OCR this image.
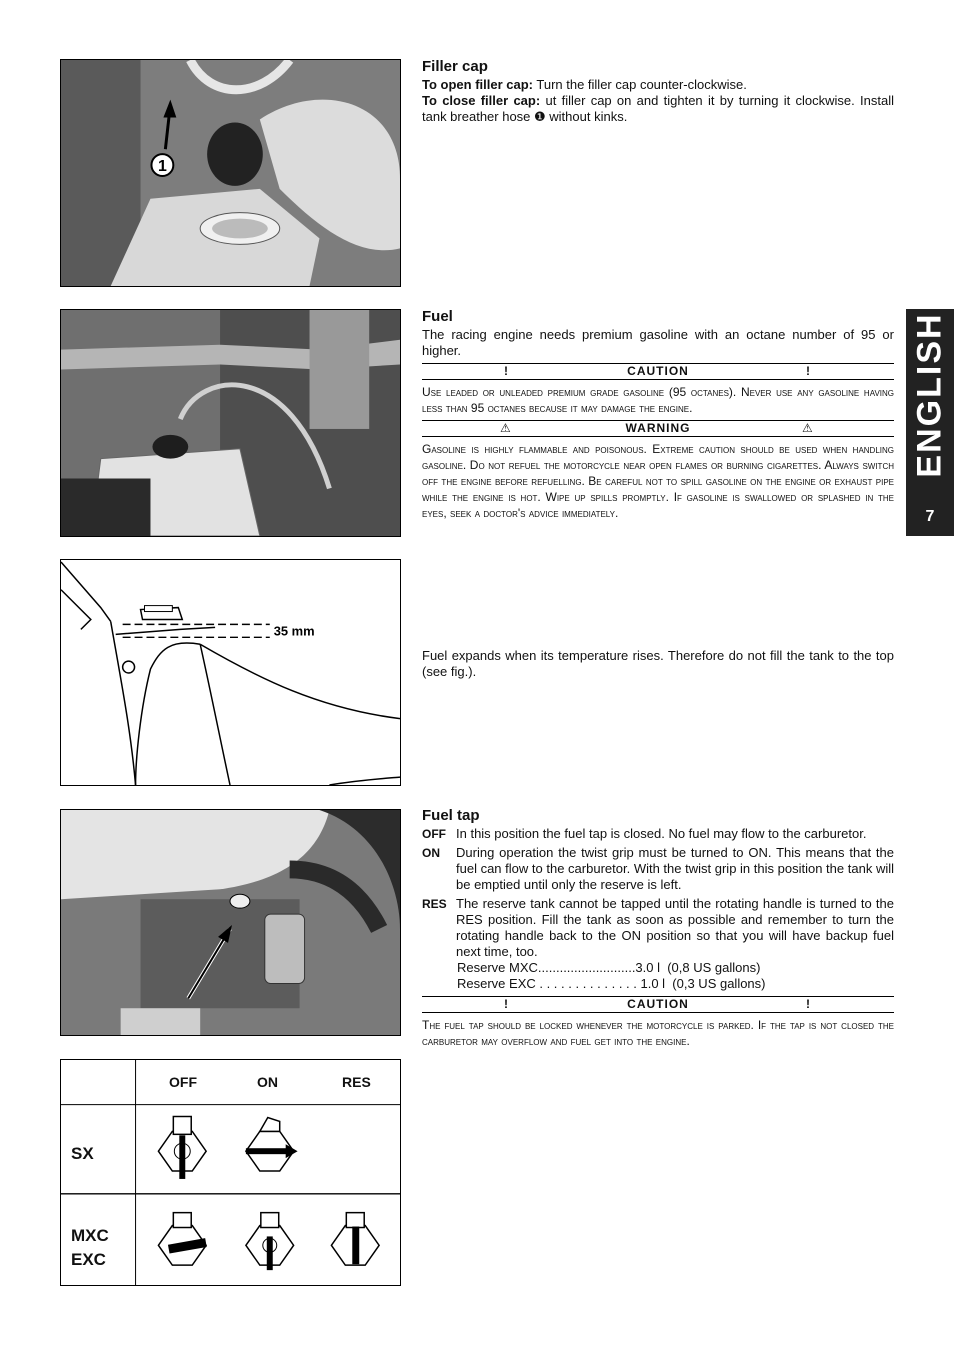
ENGLISH
7
1
Filler cap

To open filler cap: Turn the filler cap counter-clockwise.

To close filler cap: ut filler cap on and tighten it by turning it clockwise. Install tank breather hose ❶ without kinks.

Fuel

The racing engine needs premium gasoline with an octane number of 95 or higher.

!	CAUTION	!
Use leaded or unleaded premium grade gasoline (95 octanes). Never use any gasoline having less than 95 octanes because it may damage the engine.
⚠	WARNING	⚠
Gasoline is highly flammable and poisonous. Extreme caution should be used when handling gasoline. Do not refuel the motorcycle near open flames or burning cigarettes. Always switch off the engine before refuelling. Be careful not to spill gasoline on the engine or exhaust pipe while the engine is hot. Wipe up spills promptly. If gasoline is swallowed or splashed in the eyes, seek a doctor's advice immediately.
35 mm

Fuel expands when its temperature rises. Therefore do not fill the tank to the top (see fig.).

Fuel tap
OFF In this position the fuel tap is closed. No fuel may flow to the carburetor.
ON	During operation the twist grip must be turned to ON. This means that the fuel can flow to the carburetor. With the twist grip in this position the tank will be emptied until only the reserve is left.
RES The reserve tank cannot be tapped until the rotating handle is turned to the RES position. Fill the tank as soon as possible and remember to turn the rotating handle back to the ON position so that you will have backup fuel next time, too.
Reserve MXC...........................3.0 l  (0,8 US gallons)
Reserve EXC . . . . . . . . . . . . . . 1.0 l  (0,3 US gallons)
!	CAUTION	!
The fuel tap should be locked whenever the motorcycle is parked. If the tap is not closed the carburetor may overflow and fuel get into the engine.
OFF	ON	RES
SX
MXC
EXC
